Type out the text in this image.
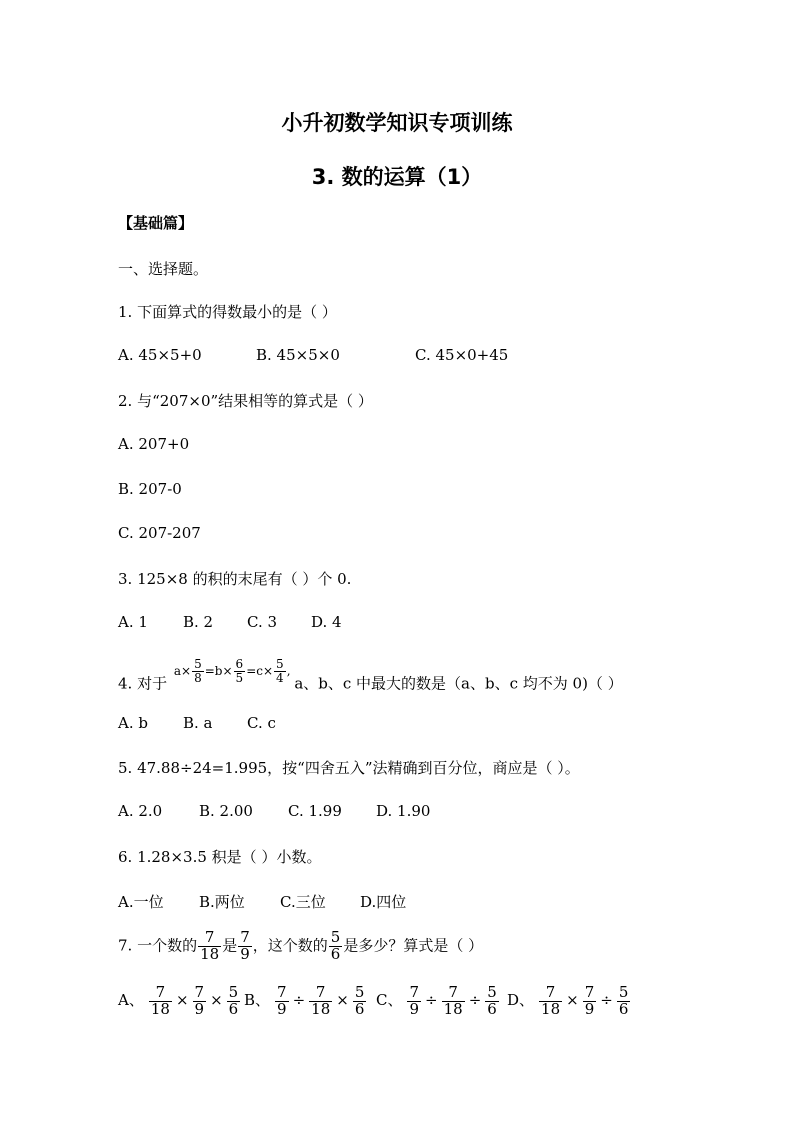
小升初数学知识专项训练
3. 数的运算（1）
【基础篇】
一、选择题。
1. 下面算式的得数最小的是（ ）
A. 45×5+0	B. 45×5×0	C. 45×0+45
2. 与“207×0”结果相等的算式是（ ）
A. 207+0
B. 207-0
C. 207-207
3. 125×8 的积的末尾有（ ）个 0.
A. 1 B. 2 C. 3 D. 4
4. 对于 $^{a\times \frac{5}{8} =b\times \frac{6}{5} =c\times \frac{5}{4} ,}$ a、b、c 中最大的数是（a、b、c 均不为 0)（ ）
A. b B. a C. c
5. 47.88÷24=1.995，按“四舍五入”法精确到百分位，商应是（ ）。
A. 2.0 B. 2.00 C. 1.99 D. 1.90
6. 1.28×3.5 积是（ ）小数。
A.一位 B.两位 C.三位 D.四位
7. 一个数的 $\frac{7}{18}$ 是 $\frac{7}{9}$ ，这个数的 $\frac{5}{6}$ 是多少？算式是（ ）
A、 $\frac{7}{18} \times \frac{7}{9} \times \frac{5}{6}$ B、 $\frac{7}{9} \div \frac{7}{18} \times \frac{5}{6}$ C、 $\frac{7}{9} \div \frac{7}{18} \div \frac{5}{6}$ D、 $\frac{7}{18} \times \frac{7}{9} \div \frac{5}{6}$
